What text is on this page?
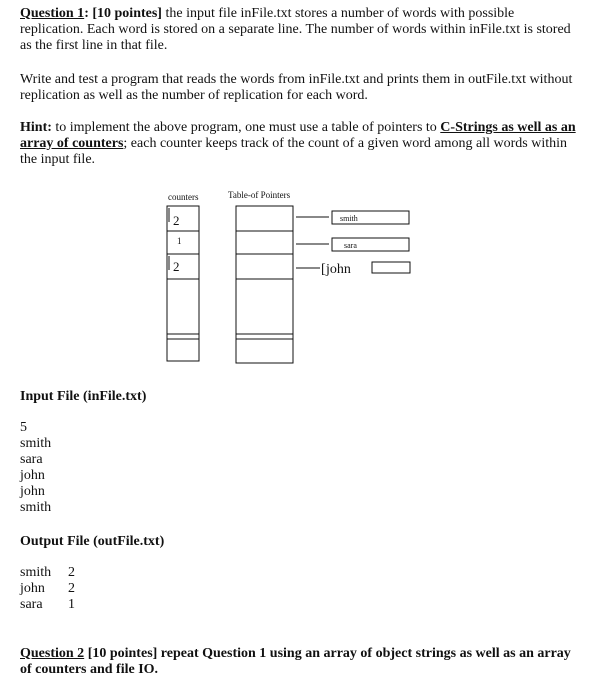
Question 1: [10 pointes] the input file inFile.txt stores a number of words with possible replication. Each word is stored on a separate line. The number of words within inFile.txt is stored as the first line in that file.

Write and test a program that reads the words from inFile.txt and prints them in outFile.txt without replication as well as the number of replication for each word.

Hint: to implement the above program, one must use a table of pointers to C-Strings as well as an array of counters; each counter keeps track of the count of a given word among all words within the input file.

counters	Table-of Pointers
2
1
2
smith
sara
[ john
Input File (inFile.txt)
5
smith
sara
john
john
smith
Output File (outFile.txt)
smith 2
john 2
sara 1

Question 2 [10 pointes] repeat Question 1 using an array of object strings as well as an array of counters and file IO.
